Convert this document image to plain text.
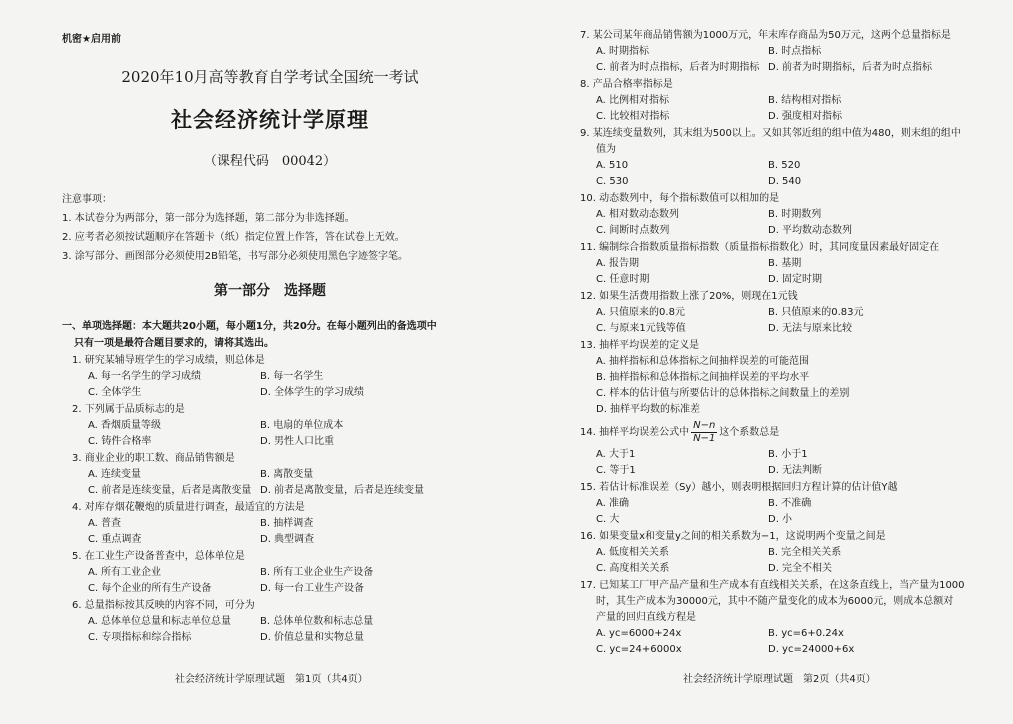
机密★启用前
2020年10月高等教育自学考试全国统一考试
社会经济统计学原理
（课程代码　00042）
注意事项：
1. 本试卷分为两部分，第一部分为选择题，第二部分为非选择题。
2. 应考者必须按试题顺序在答题卡（纸）指定位置上作答，答在试卷上无效。
3. 涂写部分、画图部分必须使用2B铅笔，书写部分必须使用黑色字迹签字笔。
第一部分　选择题
一、单项选择题：本大题共20小题，每小题1分，共20分。在每小题列出的备选项中
只有一项是最符合题目要求的，请将其选出。
1. 研究某辅导班学生的学习成绩，则总体是
A. 每一名学生的学习成绩	B. 每一名学生
C. 全体学生	D. 全体学生的学习成绩
2. 下列属于品质标志的是
A. 香烟质量等级	B. 电扇的单位成本
C. 铸件合格率	D. 男性人口比重
3. 商业企业的职工数、商品销售额是
A. 连续变量	B. 离散变量
C. 前者是连续变量，后者是离散变量 D. 前者是离散变量，后者是连续变量
4. 对库存烟花鞭炮的质量进行调查，最适宜的方法是
A. 普查	B. 抽样调查
C. 重点调查	D. 典型调查
5. 在工业生产设备普查中，总体单位是
A. 所有工业企业	B. 所有工业企业生产设备
C. 每个企业的所有生产设备	D. 每一台工业生产设备
6. 总量指标按其反映的内容不同，可分为
A. 总体单位总量和标志单位总量	B. 总体单位数和标志总量
C. 专项指标和综合指标	D. 价值总量和实物总量
7. 某公司某年商品销售额为1000万元，年末库存商品为50万元，这两个总量指标是
A. 时期指标	B. 时点指标
C. 前者为时点指标，后者为时期指标 D. 前者为时期指标，后者为时点指标
8. 产品合格率指标是
A. 比例相对指标	B. 结构相对指标
C. 比较相对指标	D. 强度相对指标
9. 某连续变量数列，其末组为500以上。又如其邻近组的组中值为480，则末组的组中
值为
A. 510	B. 520
C. 530	D. 540
10. 动态数列中，每个指标数值可以相加的是
A. 相对数动态数列	B. 时期数列
C. 间断时点数列	D. 平均数动态数列
11. 编制综合指数质量指标指数（质量指标指数化）时，其同度量因素最好固定在
A. 报告期	B. 基期
C. 任意时期	D. 固定时期
12. 如果生活费用指数上涨了20%，则现在1元钱
A. 只值原来的0.8元	B. 只值原来的0.83元
C. 与原来1元钱等值	D. 无法与原来比较
13. 抽样平均误差的定义是
A. 抽样指标和总体指标之间抽样误差的可能范围
B. 抽样指标和总体指标之间抽样误差的平均水平
C. 样本的估计值与所要估计的总体指标之间数量上的差别
D. 抽样平均数的标准差
14. 抽样平均误差公式中 $\frac{N-n}{N-1}$ 这个系数总是
A. 大于1	B. 小于1
C. 等于1	D. 无法判断
15. 若估计标准误差（Sy）越小，则表明根据回归方程计算的估计值Y越
A. 准确	B. 不准确
C. 大	D. 小
16. 如果变量x和变量y之间的相关系数为−1，这说明两个变量之间是
A. 低度相关关系	B. 完全相关关系
C. 高度相关关系	D. 完全不相关
17. 已知某工厂甲产品产量和生产成本有直线相关关系，在这条直线上，当产量为1000
时，其生产成本为30000元，其中不随产量变化的成本为6000元，则成本总额对
产量的回归直线方程是
A. yc=6000+24x	B. yc=6+0.24x
C. yc=24+6000x	D. yc=24000+6x
社会经济统计学原理试题　第1页（共4页）	社会经济统计学原理试题　第2页（共4页）
